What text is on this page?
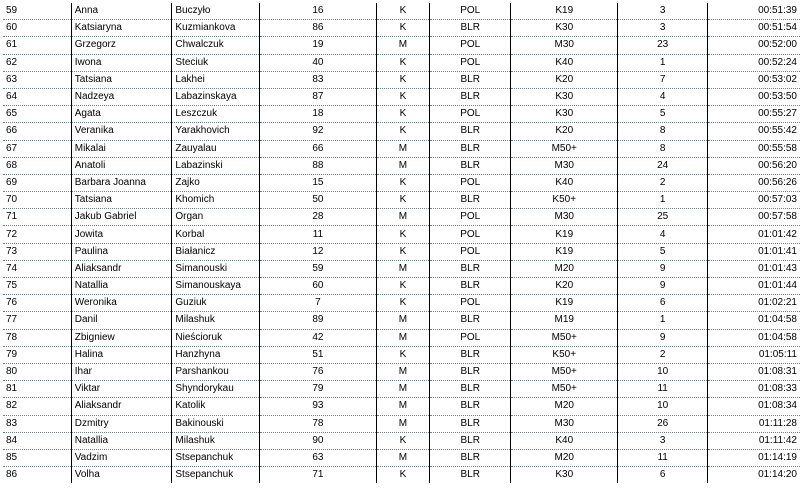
59	Anna	Buczyło	16	K	POL	K19	3	00:51:39
60	Katsiaryna	Kuzmiankova	86	K	BLR	K30	3	00:51:54
61	Grzegorz	Chwalczuk	19	M	POL	M30	23	00:52:00
62	Iwona	Steciuk	40	K	POL	K40	1	00:52:24
63	Tatsiana	Lakhei	83	K	BLR	K20	7	00:53:02
64	Nadzeya	Labazinskaya	87	K	BLR	K30	4	00:53:50
65	Agata	Leszczuk	18	K	POL	K30	5	00:55:27
66	Veranika	Yarakhovich	92	K	BLR	K20	8	00:55:42
67	Mikalai	Zauyalau	66	M	BLR	M50+	8	00:55:58
68	Anatoli	Labazinski	88	M	BLR	M30	24	00:56:20
69	Barbara Joanna	Zajko	15	K	POL	K40	2	00:56:26
70	Tatsiana	Khomich	50	K	BLR	K50+	1	00:57:03
71	Jakub Gabriel	Organ	28	M	POL	M30	25	00:57:58
72	Jowita	Korbal	11	K	POL	K19	4	01:01:42
73	Paulina	Białanicz	12	K	POL	K19	5	01:01:41
74	Aliaksandr	Simanouski	59	M	BLR	M20	9	01:01:43
75	Natallia	Simanouskaya	60	K	BLR	K20	9	01:01:44
76	Weronika	Guziuk	7	K	POL	K19	6	01:02:21
77	Danil	Milashuk	89	M	BLR	M19	1	01:04:58
78	Zbigniew	Nieścioruk	42	M	POL	M50+	9	01:04:58
79	Halina	Hanzhyna	51	K	BLR	K50+	2	01:05:11
80	Ihar	Parshankou	76	M	BLR	M50+	10	01:08:31
81	Viktar	Shyndorykau	79	M	BLR	M50+	11	01:08:33
82	Aliaksandr	Katolik	93	M	BLR	M20	10	01:08:34
83	Dzmitry	Bakinouski	78	M	BLR	M30	26	01:11:28
84	Natallia	Milashuk	90	K	BLR	K40	3	01:11:42
85	Vadzim	Stsepanchuk	63	M	BLR	M20	11	01:14:19
86	Volha	Stsepanchuk	71	K	BLR	K30	6	01:14:20
